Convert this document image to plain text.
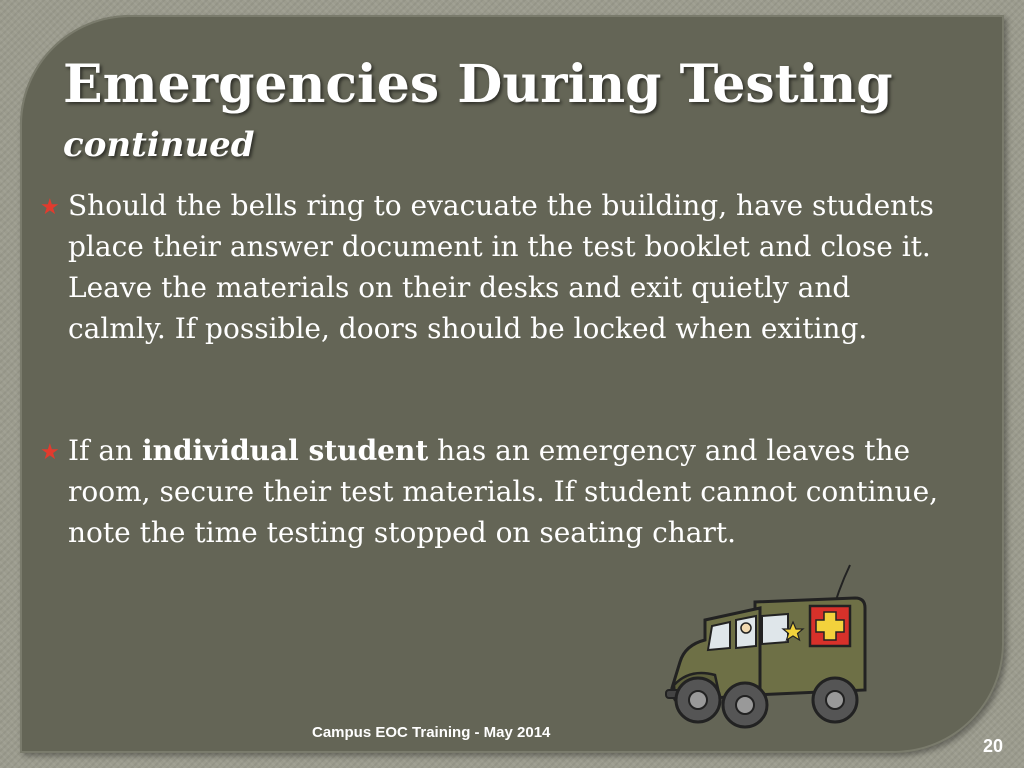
Emergencies During Testing
continued
★ Should the bells ring to evacuate the building, have students place their answer document in the test booklet and close it. Leave the materials on their desks and exit quietly and calmly. If possible, doors should be locked when exiting.
★ If an individual student has an emergency and leaves the room, secure their test materials. If student cannot continue, note the time testing stopped on seating chart.
Campus EOC Training - May 2014
20
